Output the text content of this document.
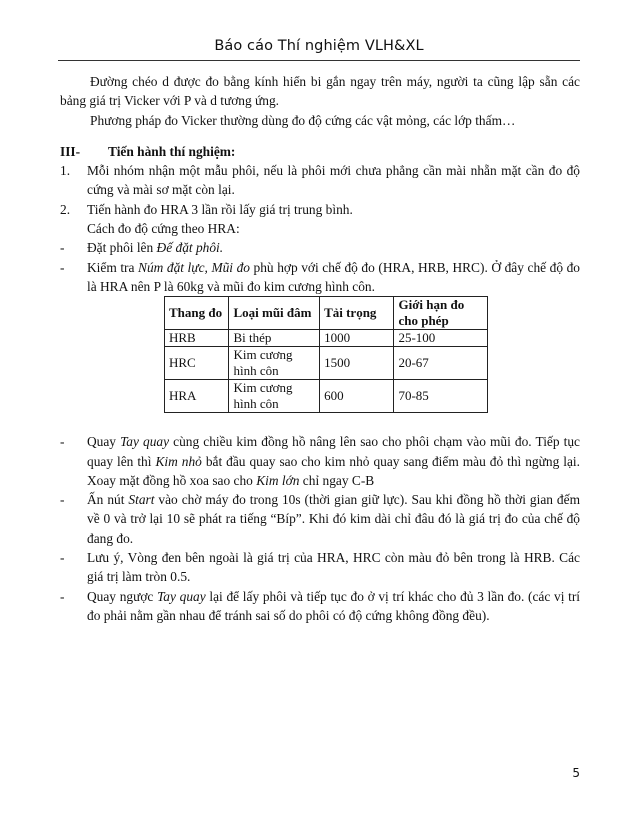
Báo cáo Thí nghiệm VLH&XL

Đường chéo d được đo bằng kính hiển bi gắn ngay trên máy, người ta cũng lập sẵn các bảng giá trị Vicker với P và d tương ứng.

Phương pháp đo Vicker thường dùng đo độ cứng các vật mỏng, các lớp thấm…

III- Tiến hành thí nghiệm:

1.	Mỗi nhóm nhận một mẫu phôi, nếu là phôi mới chưa phẳng cần mài nhẵn mặt cần đo độ cứng và mài sơ mặt còn lại.
2.	Tiến hành đo HRA 3 lần rồi lấy giá trị trung bình.

Cách đo độ cứng theo HRA:

-	Đặt phôi lên Đế đặt phôi.
-	Kiểm tra Núm đặt lực, Mũi đo phù hợp với chế độ đo (HRA, HRB, HRC). Ở đây chế độ đo là HRA nên P là 60kg và mũi đo kim cương hình côn.
Thang đo	Loại mũi đâm	Tải trọng	Giới hạn đo cho phép
HRB	Bi thép	1000	25-100
HRC	Kim cương hình côn	1500	20-67
HRA	Kim cương hình côn	600	70-85
-	Quay Tay quay cùng chiều kim đồng hồ nâng lên sao cho phôi chạm vào mũi đo. Tiếp tục quay lên thì Kim nhỏ bắt đầu quay sao cho kim nhỏ quay sang điểm màu đỏ thì ngừng lại. Xoay mặt đồng hồ xoa sao cho Kim lớn chỉ ngay C-B
-	Ấn nút Start vào chờ máy đo trong 10s (thời gian giữ lực). Sau khi đồng hồ thời gian đếm về 0 và trở lại 10 sẽ phát ra tiếng “Bíp”. Khi đó kim dài chỉ đâu đó là giá trị đo của chế độ đang đo.
-	Lưu ý, Vòng đen bên ngoài là giá trị của HRA, HRC còn màu đỏ bên trong là HRB. Các giá trị làm tròn 0.5.
-	Quay ngược Tay quay lại để lấy phôi và tiếp tục đo ở vị trí khác cho đủ 3 lần đo. (các vị trí đo phải nằm gần nhau để tránh sai số do phôi có độ cứng không đồng đều).
5
